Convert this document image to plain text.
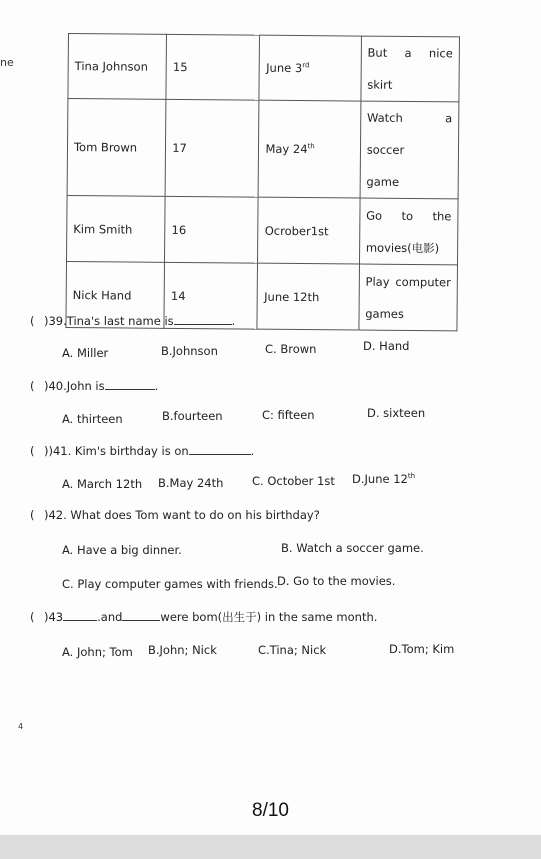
ne	Tina Johnson	15	June 3rd	But a nice skirt
Tom Brown	17	May 24th	Watch a soccer
game

Kim Smith	16	Ocrober1st	Go to the
movies(电影)

Nick Hand	14	June 12th	Play computer
games
( )39.Tina's last name is	.
A. Miller	B.Johnson	C. Brown	D. Hand
( )40.John is	.
A. thirteen	B.fourteen	C: fifteen	D. sixteen
( ))41. Kim's birthday is on	.
A. March 12th B.May 24th C. October 1st D.June 12th
( )42. What does Tom want to do on his birthday?
A. Have a big dinner.	B. Watch a soccer game.
C. Play computer games with friends. D. Go to the movies.
( )43	.and	were bom(出生于) in the same month.
A. John; Tom B.John; Nick	C.Tina; Nick	D.Tom; Kim
4
8/10
